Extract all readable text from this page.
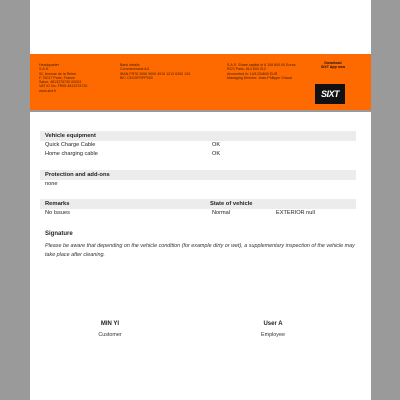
Headquarter
S.A.S.
92, Avenue de la Reine
F-75017 Paris, France
Salon. 4813375730 00003
VAT ID No. FR65 4813375730
www.sixt.fr
Bank details
Commerzbank AG
IBAN FR76 3006 9000 4910 1213 6300 134
BIC CEGSFRPP000
S.A.S. Share capital of 6 108 600.00 Euros
RCS Paris, 814 833 012
Accounted in: 14/1234840 EUR
Managing Director: Jean-Philippe Giraud
Download
SIXT App now
SIXT
Vehicle equipment
Quick Charge Cable	OK
Home charging cable	OK
Protection and add-ons
none
Remarks	State of vehicle
No Issues	Normal	EXTERIOR null
Signature
Please be aware that depending on the vehicle condition (for example dirty or wet), a supplementary inspection of the vehicle may take place after cleaning.
MIN YI
Customer
User A
Employee
